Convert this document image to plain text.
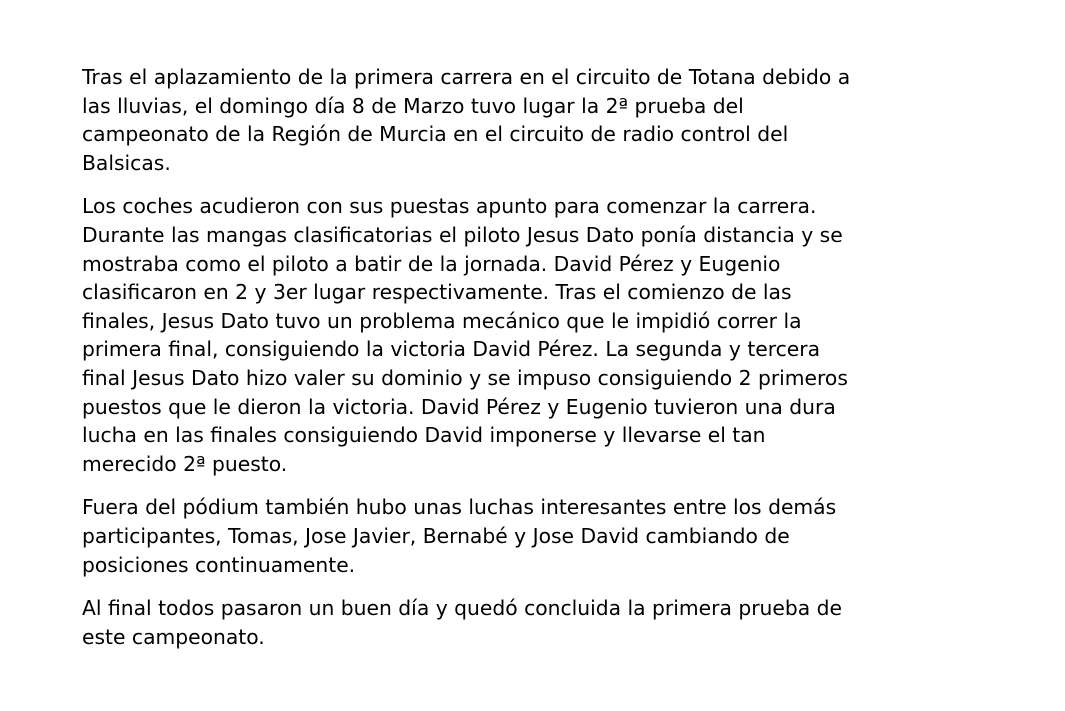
Tras el aplazamiento de la primera carrera en el circuito de Totana debido a
las lluvias, el domingo día 8 de Marzo tuvo lugar la 2ª prueba del
campeonato de la Región de Murcia en el circuito de radio control del
Balsicas.

Los coches acudieron con sus puestas apunto para comenzar la carrera.
Durante las mangas clasificatorias el piloto Jesus Dato ponía distancia y se
mostraba como el piloto a batir de la jornada. David Pérez y Eugenio
clasificaron en 2 y 3er lugar respectivamente. Tras el comienzo de las
finales, Jesus Dato tuvo un problema mecánico que le impidió correr la
primera final, consiguiendo la victoria David Pérez. La segunda y tercera
final Jesus Dato hizo valer su dominio y se impuso consiguiendo 2 primeros
puestos que le dieron la victoria. David Pérez y Eugenio tuvieron una dura
lucha en las finales consiguiendo David imponerse y llevarse el tan
merecido 2ª puesto.

Fuera del pódium también hubo unas luchas interesantes entre los demás
participantes, Tomas, Jose Javier, Bernabé y Jose David cambiando de
posiciones continuamente.

Al final todos pasaron un buen día y quedó concluida la primera prueba de
este campeonato.
